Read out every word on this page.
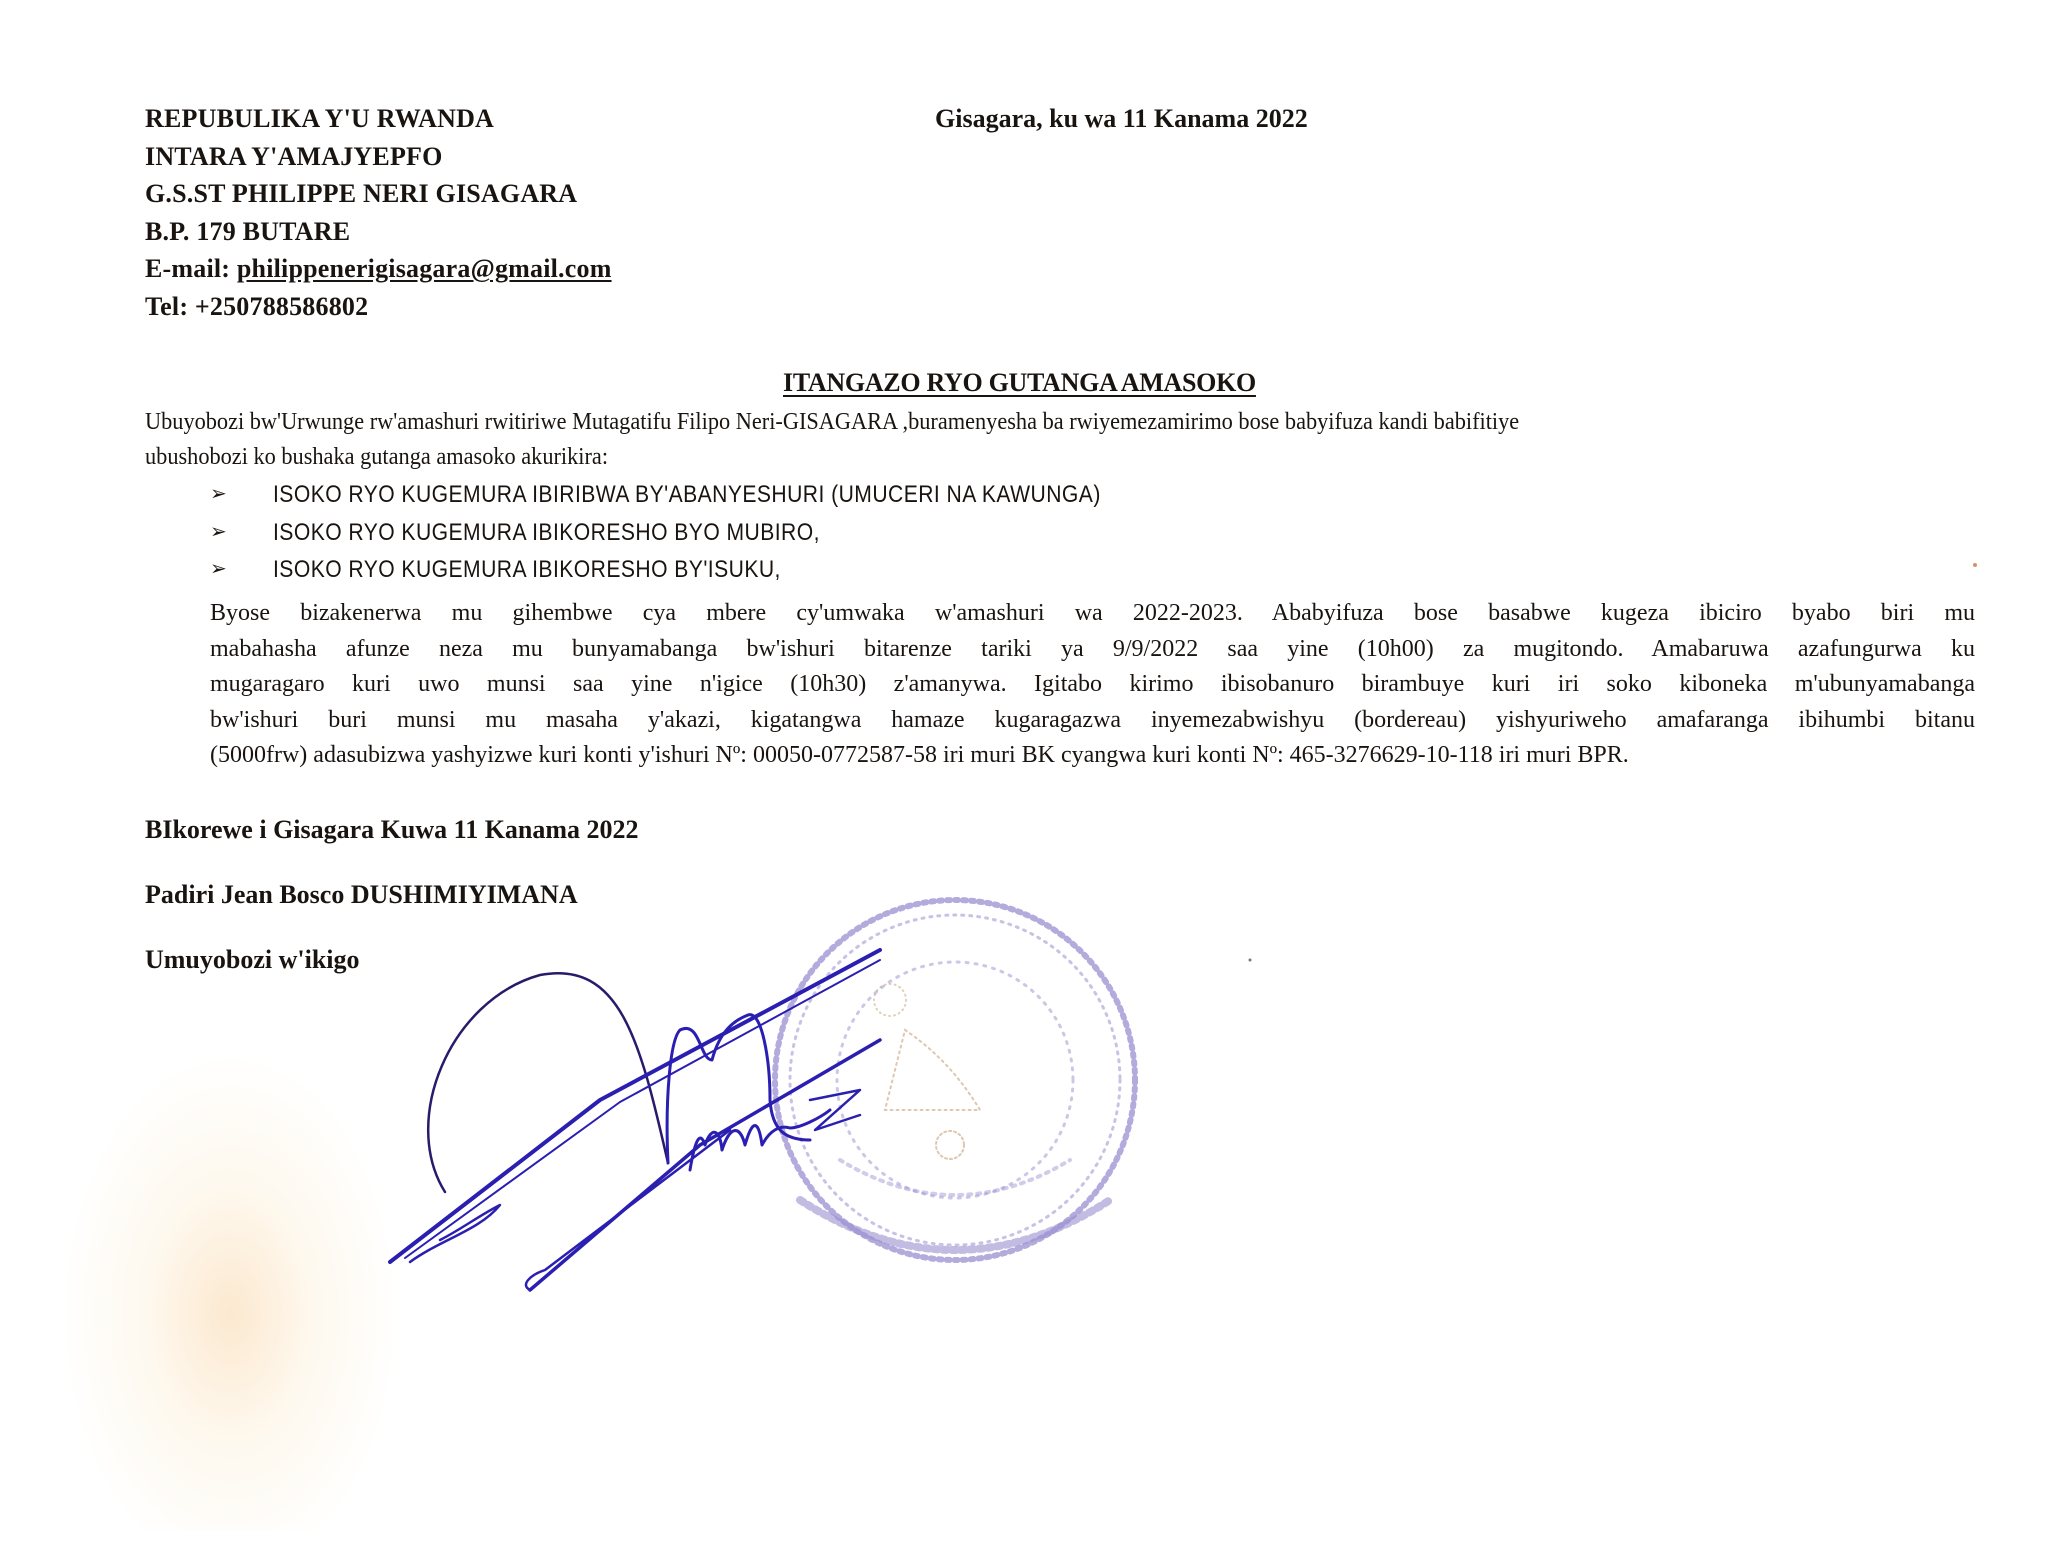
REPUBULIKA Y'U RWANDA
INTARA Y'AMAJYEPFO
G.S.ST PHILIPPE NERI GISAGARA
B.P. 179 BUTARE
E-mail: philippenerigisagara@gmail.com
Tel: +250788586802
Gisagara, ku wa 11 Kanama 2022
ITANGAZO RYO GUTANGA AMASOKO

Ubuyobozi bw'Urwunge rw'amashuri rwitiriwe Mutagatifu Filipo Neri-GISAGARA ,buramenyesha ba rwiyemezamirimo bose babyifuza kandi babifitiye

ubushobozi ko bushaka gutanga amasoko akurikira:

➢	ISOKO RYO KUGEMURA IBIRIBWA BY'ABANYESHURI (UMUCERI NA KAWUNGA)
➢	ISOKO RYO KUGEMURA IBIKORESHO BYO MUBIRO,
➢	ISOKO RYO KUGEMURA IBIKORESHO BY'ISUKU,
Byose bizakenerwa mu gihembwe cya mbere cy'umwaka w'amashuri wa 2022-2023. Ababyifuza bose basabwe kugeza ibiciro byabo biri mu
mabahasha afunze neza mu bunyamabanga bw'ishuri bitarenze tariki ya 9/9/2022 saa yine (10h00) za mugitondo. Amabaruwa azafungurwa ku
mugaragaro kuri uwo munsi saa yine n'igice (10h30) z'amanywa. Igitabo kirimo ibisobanuro birambuye kuri iri soko kiboneka m'ubunyamabanga
bw'ishuri buri munsi mu masaha y'akazi, kigatangwa hamaze kugaragazwa inyemezabwishyu (bordereau) yishyuriweho amafaranga ibihumbi bitanu
(5000frw) adasubizwa yashyizwe kuri konti y'ishuri Nº: 00050-0772587-58 iri muri BK cyangwa kuri konti Nº: 465-3276629-10-118 iri muri BPR.
BIkorewe i Gisagara Kuwa 11 Kanama 2022
Padiri Jean Bosco DUSHIMIYIMANA
Umuyobozi w'ikigo
